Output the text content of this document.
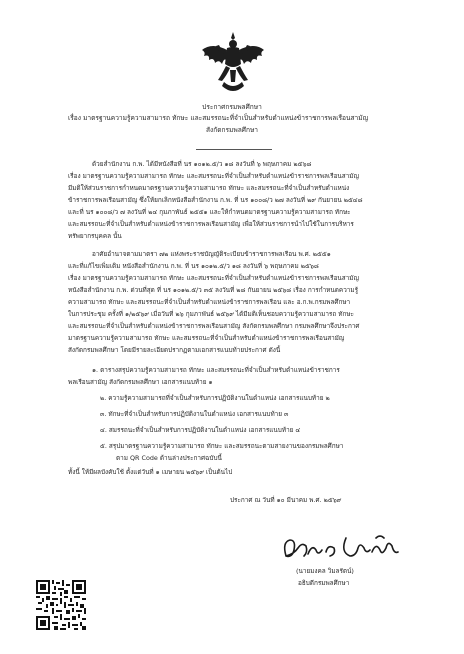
ประกาศกรมพลศึกษา
เรื่อง มาตรฐานความรู้ความสามารถ ทักษะ และสมรรถนะที่จำเป็นสำหรับตำแหน่งข้าราชการพลเรือนสามัญ
สังกัดกรมพลศึกษา
ด้วยสำนักงาน ก.พ. ได้มีหนังสือที่ นร ๑๐๑๒.๕/ว ๑๘ ลงวันที่ ๖ พฤษภาคม ๒๕๖๘
เรื่อง มาตรฐานความรู้ความสามารถ ทักษะ และสมรรถนะที่จำเป็นสำหรับตำแหน่งข้าราชการพลเรือนสามัญ
มีมติให้ส่วนราชการกำหนดมาตรฐานความรู้ความสามารถ ทักษะ และสมรรถนะที่จำเป็นสำหรับตำแหน่ง
ข้าราชการพลเรือนสามัญ ซึ่งให้ยกเลิกหนังสือสำนักงาน ก.พ. ที่ นร ๑๐๐๘/ว ๒๗ ลงวันที่ ๒๙ กันยายน ๒๕๔๘
และที่ นร ๑๐๐๘/ว ๗ ลงวันที่ ๒๔ กุมภาพันธ์ ๒๕๕๑ และให้กำหนดมาตรฐานความรู้ความสามารถ ทักษะ
และสมรรถนะที่จำเป็นสำหรับตำแหน่งข้าราชการพลเรือนสามัญ เพื่อให้ส่วนราชการนำไปใช้ในการบริหาร
ทรัพยากรบุคคล นั้น
อาศัยอำนาจตามมาตรา ๗๒ แห่งพระราชบัญญัติระเบียบข้าราชการพลเรือน พ.ศ. ๒๕๕๑
และที่แก้ไขเพิ่มเติม หนังสือสำนักงาน ก.พ. ที่ นร ๑๐๑๒.๕/ว ๑๘ ลงวันที่ ๖ พฤษภาคม ๒๕๖๘
เรื่อง มาตรฐานความรู้ความสามารถ ทักษะ และสมรรถนะที่จำเป็นสำหรับตำแหน่งข้าราชการพลเรือนสามัญ
หนังสือสำนักงาน ก.พ. ด่วนที่สุด ที่ นร ๑๐๑๒.๕/ว ๓๕ ลงวันที่ ๒๘ กันยายน ๒๕๖๘ เรื่อง การกำหนดความรู้
ความสามารถ ทักษะ และสมรรถนะที่จำเป็นสำหรับตำแหน่งข้าราชการพลเรือน และ อ.ก.พ.กรมพลศึกษา
ในการประชุม ครั้งที่ ๑/๒๕๖๙ เมื่อวันที่ ๒๖ กุมภาพันธ์ ๒๕๖๙ ได้มีมติเห็นชอบความรู้ความสามารถ ทักษะ
และสมรรถนะที่จำเป็นสำหรับตำแหน่งข้าราชการพลเรือนสามัญ สังกัดกรมพลศึกษา กรมพลศึกษาจึงประกาศ
มาตรฐานความรู้ความสามารถ ทักษะ และสมรรถนะที่จำเป็นสำหรับตำแหน่งข้าราชการพลเรือนสามัญ
สังกัดกรมพลศึกษา โดยมีรายละเอียดปรากฏตามเอกสารแนบท้ายประกาศ ดังนี้
๑. ตารางสรุปความรู้ความสามารถ ทักษะ และสมรรถนะที่จำเป็นสำหรับตำแหน่งข้าราชการ
พลเรือนสามัญ สังกัดกรมพลศึกษา เอกสารแนบท้าย ๑
๒. ความรู้ความสามารถที่จำเป็นสำหรับการปฏิบัติงานในตำแหน่ง เอกสารแนบท้าย ๒
๓. ทักษะที่จำเป็นสำหรับการปฏิบัติงานในตำแหน่ง เอกสารแนบท้าย ๓
๔. สมรรถนะที่จำเป็นสำหรับการปฏิบัติงานในตำแหน่ง เอกสารแนบท้าย ๔
๕. สรุปมาตรฐานความรู้ความสามารถ ทักษะ และสมรรถนะตามสายงานของกรมพลศึกษา
ตาม QR Code ด้านล่างประกาศฉบับนี้
ทั้งนี้ ให้มีผลบังคับใช้ ตั้งแต่วันที่ ๑ เมษายน ๒๕๖๙ เป็นต้นไป
ประกาศ ณ วันที่ ๑๐ มีนาคม พ.ศ. ๒๕๖๙
(นายมงคล วิมลรัตน์)
อธิบดีกรมพลศึกษา
